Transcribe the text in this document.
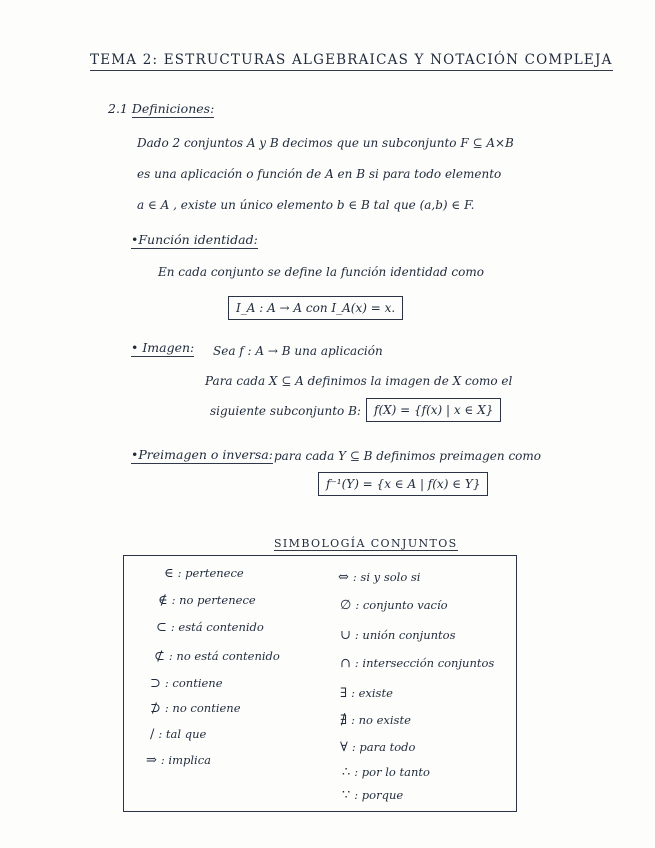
TEMA 2: ESTRUCTURAS ALGEBRAICAS Y NOTACIÓN COMPLEJA
2.1 Definiciones:
Dado 2 conjuntos A y B decimos que un subconjunto F ⊆ A×B
es una aplicación o función de A en B si para todo elemento
a ∈ A , existe un único elemento b ∈ B tal que (a,b) ∈ F.
•Función identidad:
En cada conjunto se define la función identidad como
I_A : A → A con I_A(x) = x.
• Imagen: Sea f : A → B una aplicación
Para cada X ⊆ A definimos la imagen de X como el
siguiente subconjunto B:	f(X) = {f(x) | x ∈ X}
•Preimagen o inversa: para cada Y ⊆ B definimos preimagen como
f⁻¹(Y) = {x ∈ A | f(x) ∈ Y}
SIMBOLOGÍA CONJUNTOS
∈ : pertenece
∉ : no pertenece
⊂ : está contenido
⊄ : no está contenido
⊃ : contiene
⊅ : no contiene
/ : tal que
⇒ : implica
⇔ : si y solo si
∅ : conjunto vacío
∪ : unión conjuntos
∩ : intersección conjuntos
∃ : existe
∄ : no existe
∀ : para todo
∴ : por lo tanto
∵ : porque
